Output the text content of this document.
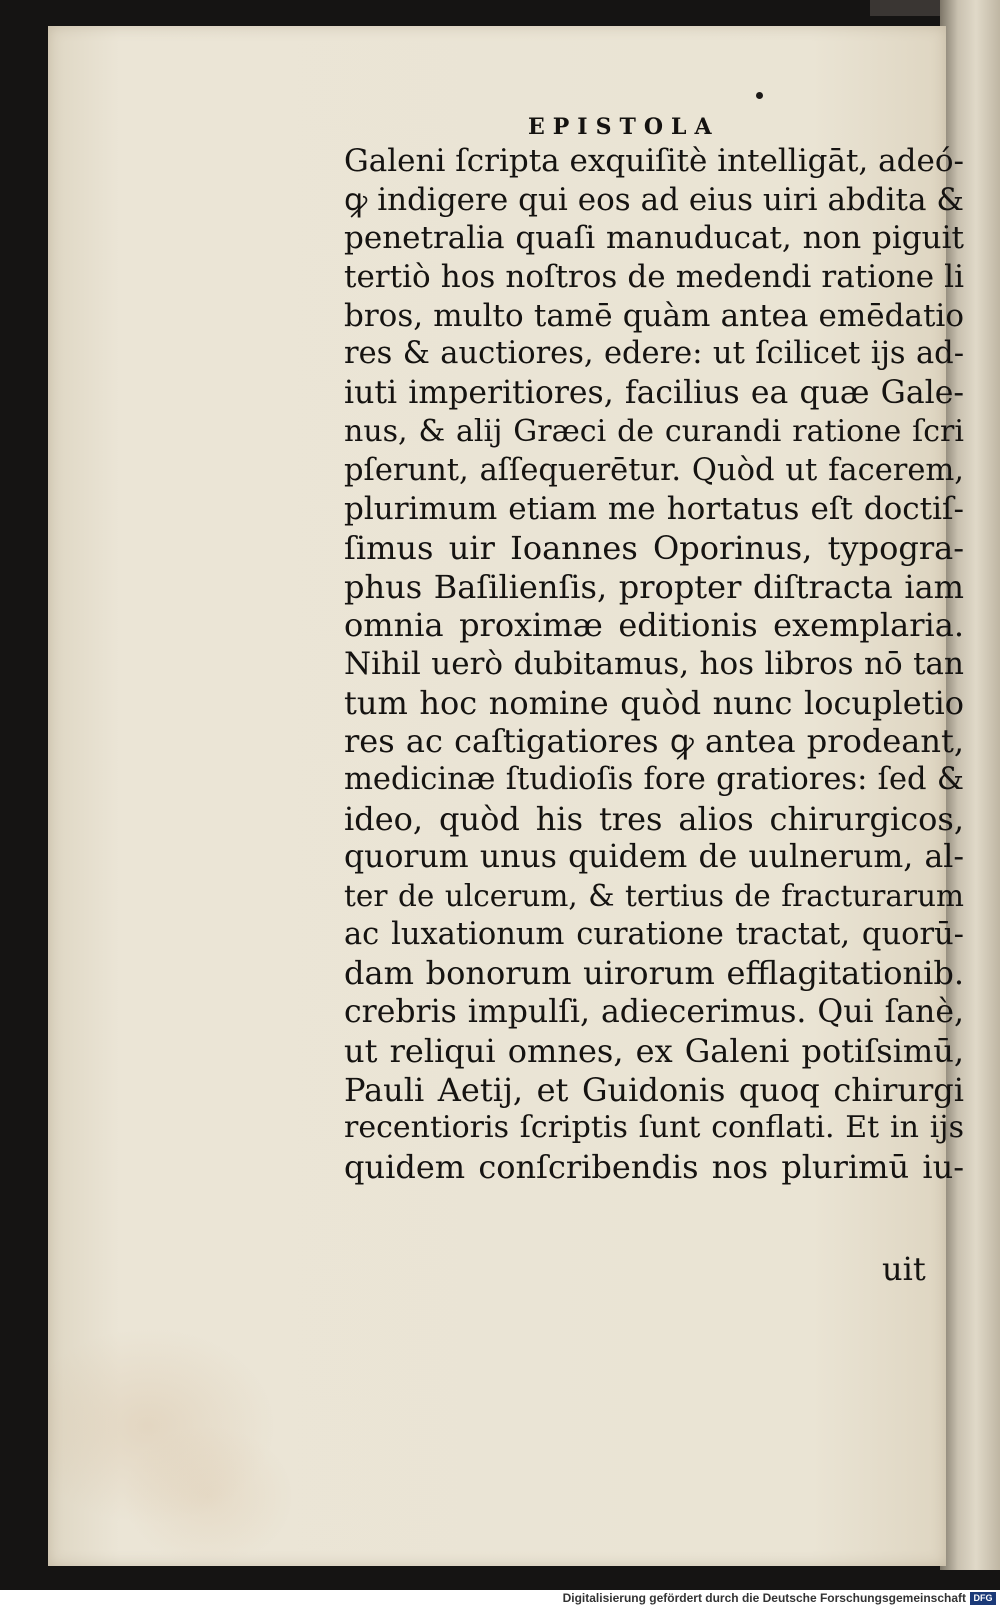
EPISTOLA
Galeni ſcripta exquiſitè intelligāt, adeó-
ꝙ indigere qui eos ad eius uiri abdita &
penetralia quaſi manuducat, non piguit
tertiò hos noſtros de medendi ratione li
bros, multo tamē quàm antea emēdatio
res & auctiores, edere: ut ſcilicet ijs ad-
iuti imperitiores, facilius ea quæ Gale-
nus, & alij Græci de curandi ratione ſcri
pſerunt, aſſequerētur. Quòd ut facerem,
plurimum etiam me hortatus eſt doctiſ-
ſimus uir Ioannes Oporinus, typogra-
phus Baſilienſis, propter diſtracta iam
omnia proximæ editionis exemplaria.
Nihil uerò dubitamus, hos libros nō tan
tum hoc nomine quòd nunc locupletio
res ac caſtigatiores ꝙ antea prodeant,
medicinæ ſtudioſis fore gratiores: ſed &
ideo, quòd his tres alios chirurgicos,
quorum unus quidem de uulnerum, al-
ter de ulcerum, & tertius de fracturarum
ac luxationum curatione tractat, quorū-
dam bonorum uirorum efflagitationib.
crebris impulſi, adiecerimus. Qui ſanè,
ut reliqui omnes, ex Galeni potiſsimū,
Pauli Aetij, et Guidonis quoq chirurgi
recentioris ſcriptis ſunt conflati. Et in ijs
quidem conſcribendis nos plurimū iu-
uit
Digitalisierung gefördert durch die Deutsche Forschungsgemeinschaft DFG
